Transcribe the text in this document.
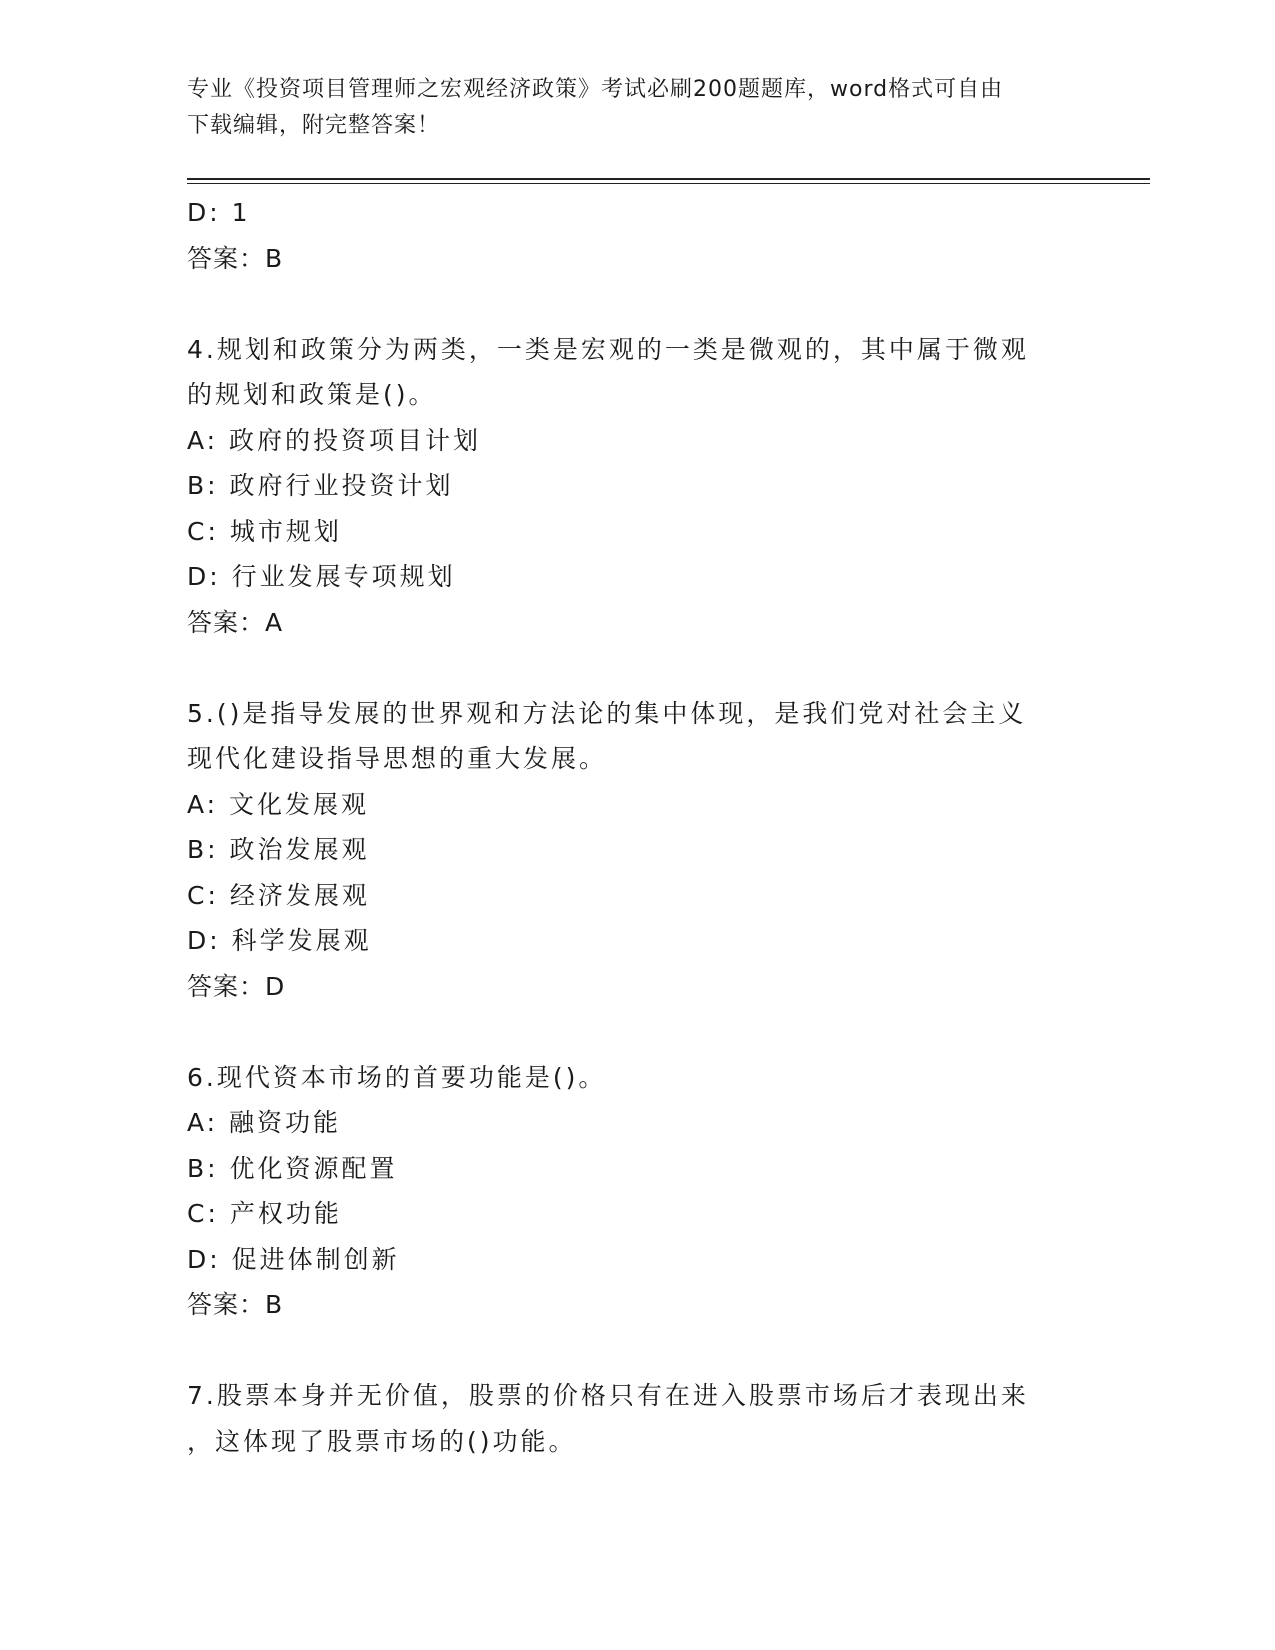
专业《投资项目管理师之宏观经济政策》考试必刷200题题库，word格式可自由
下载编辑，附完整答案！
D: 1
答案：B
4.规划和政策分为两类，一类是宏观的一类是微观的，其中属于微观
的规划和政策是()。
A: 政府的投资项目计划
B: 政府行业投资计划
C: 城市规划
D: 行业发展专项规划
答案：A
5.()是指导发展的世界观和方法论的集中体现，是我们党对社会主义
现代化建设指导思想的重大发展。
A: 文化发展观
B: 政治发展观
C: 经济发展观
D: 科学发展观
答案：D
6.现代资本市场的首要功能是()。
A: 融资功能
B: 优化资源配置
C: 产权功能
D: 促进体制创新
答案：B
7.股票本身并无价值，股票的价格只有在进入股票市场后才表现出来
，这体现了股票市场的()功能。
